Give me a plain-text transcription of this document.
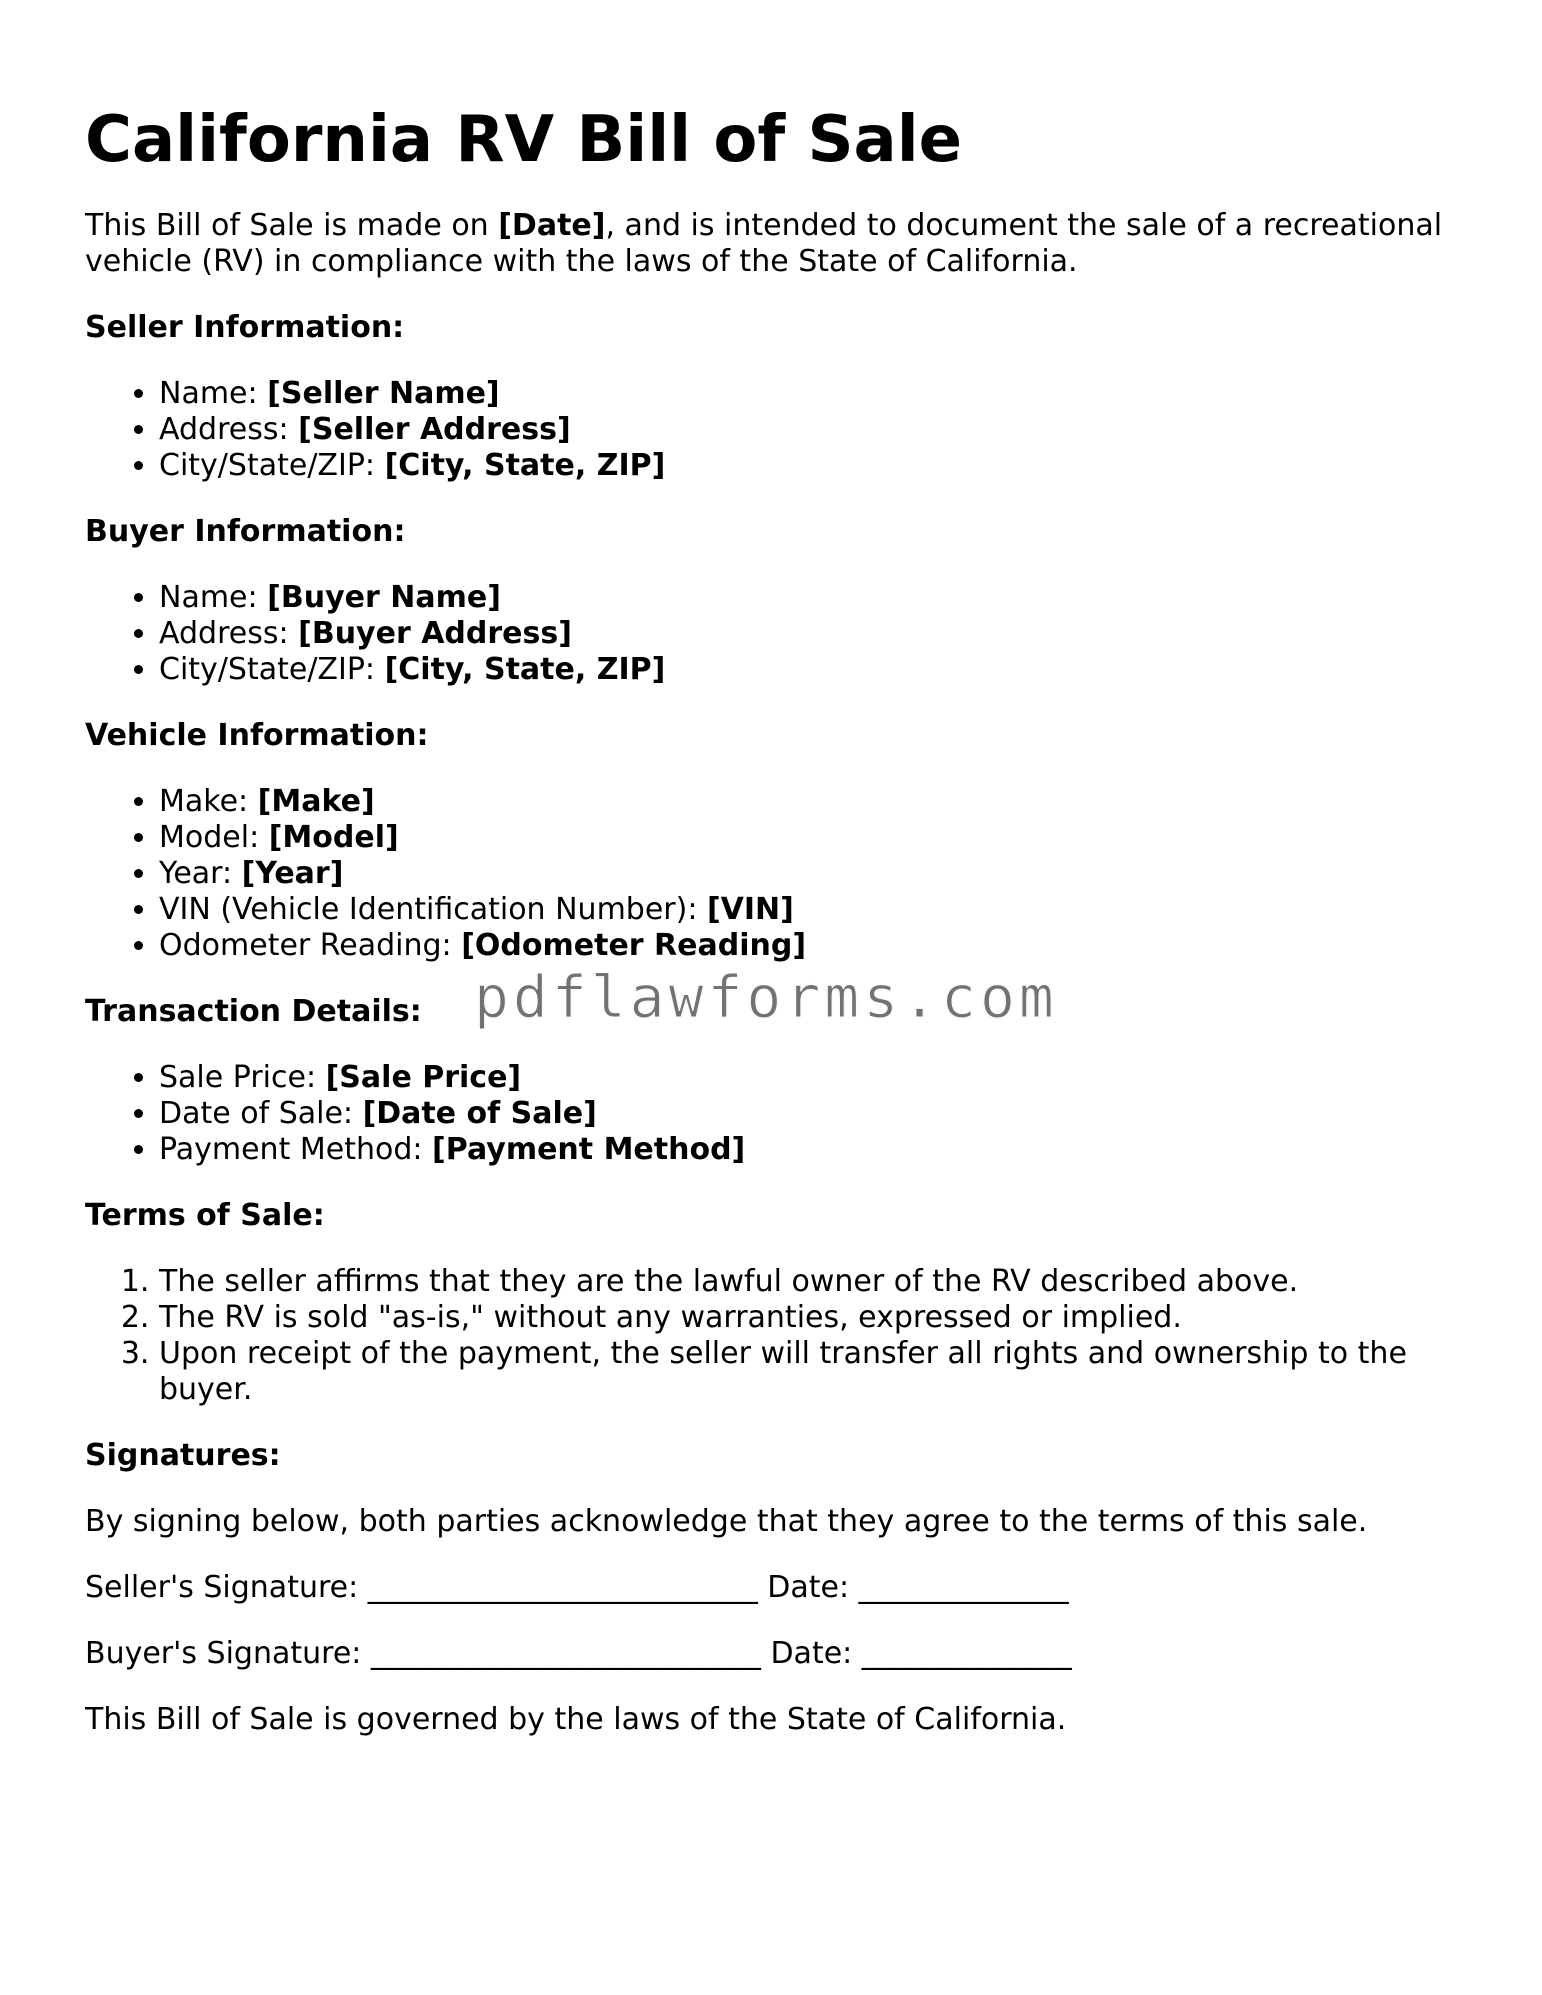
California RV Bill of Sale

This Bill of Sale is made on [Date], and is intended to document the sale of a recreational vehicle (RV) in compliance with the laws of the State of California.

Seller Information:
• Name: [Seller Name]
• Address: [Seller Address]
• City/State/ZIP: [City, State, ZIP]
Buyer Information:
• Name: [Buyer Name]
• Address: [Buyer Address]
• City/State/ZIP: [City, State, ZIP]
Vehicle Information:
• Make: [Make]
• Model: [Model]
• Year: [Year]
• VIN (Vehicle Identification Number): [VIN]
• Odometer Reading: [Odometer Reading]
Transaction Details:
• Sale Price: [Sale Price]
• Date of Sale: [Date of Sale]
• Payment Method: [Payment Method]
Terms of Sale:
1. The seller affirms that they are the lawful owner of the RV described above.
2. The RV is sold "as-is," without any warranties, expressed or implied.
3. Upon receipt of the payment, the seller will transfer all rights and ownership to the buyer.
Signatures:

By signing below, both parties acknowledge that they agree to the terms of this sale.

Seller's Signature: __________________________ Date: ______________

Buyer's Signature: __________________________ Date: ______________

This Bill of Sale is governed by the laws of the State of California.

pdflawforms.com
